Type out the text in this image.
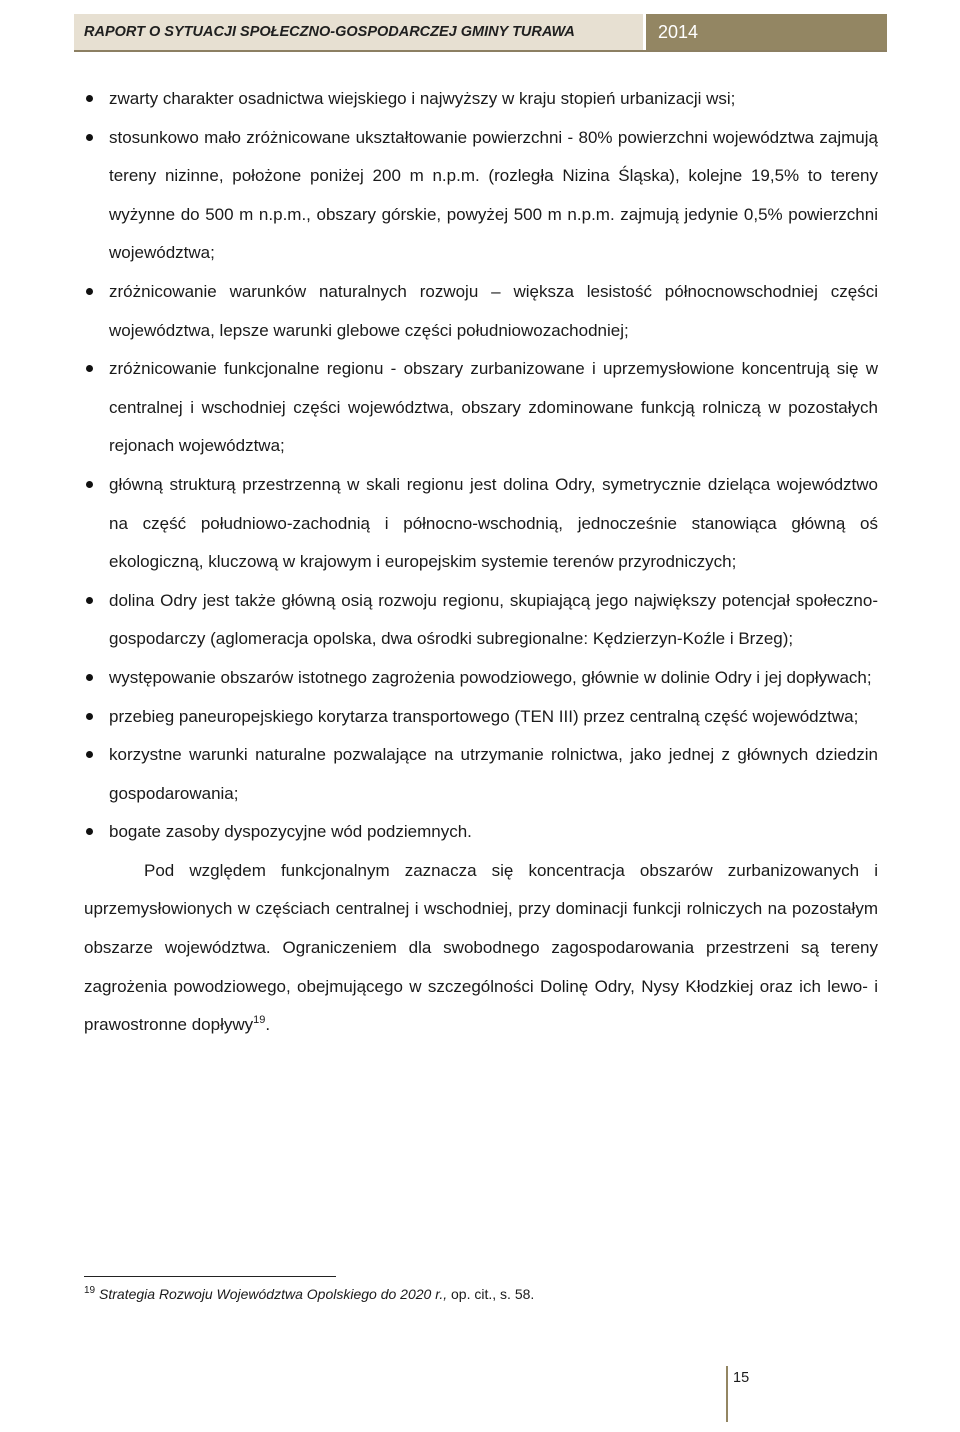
RAPORT O SYTUACJI SPOŁECZNO-GOSPODARCZEJ GMINY TURAWA	2014
zwarty charakter osadnictwa wiejskiego i najwyższy w kraju stopień urbanizacji wsi;
stosunkowo mało zróżnicowane ukształtowanie powierzchni - 80% powierzchni województwa zajmują tereny nizinne, położone poniżej 200 m n.p.m. (rozległa Nizina Śląska), kolejne 19,5% to tereny wyżynne do 500 m n.p.m., obszary górskie, powyżej 500 m n.p.m. zajmują jedynie 0,5% powierzchni województwa;
zróżnicowanie warunków naturalnych rozwoju – większa lesistość północnowschodniej części województwa, lepsze warunki glebowe części południowozachodniej;
zróżnicowanie funkcjonalne regionu - obszary zurbanizowane i uprzemysłowione koncentrują się w centralnej i wschodniej części województwa, obszary zdominowane funkcją rolniczą w pozostałych rejonach województwa;
główną strukturą przestrzenną w skali regionu jest dolina Odry, symetrycznie dzieląca województwo na część południowo-zachodnią i północno-wschodnią, jednocześnie stanowiąca główną oś ekologiczną, kluczową w krajowym i europejskim systemie terenów przyrodniczych;
dolina Odry jest także główną osią rozwoju regionu, skupiającą jego największy potencjał społeczno-gospodarczy (aglomeracja opolska, dwa ośrodki subregionalne: Kędzierzyn-Koźle i Brzeg);
występowanie obszarów istotnego zagrożenia powodziowego, głównie w dolinie Odry i jej dopływach;
przebieg paneuropejskiego korytarza transportowego (TEN III) przez centralną część województwa;
korzystne warunki naturalne pozwalające na utrzymanie rolnictwa, jako jednej z głównych dziedzin gospodarowania;
bogate zasoby dyspozycyjne wód podziemnych.

Pod względem funkcjonalnym zaznacza się koncentracja obszarów zurbanizowanych i uprzemysłowionych w częściach centralnej i wschodniej, przy dominacji funkcji rolniczych na pozostałym obszarze województwa. Ograniczeniem dla swobodnego zagospodarowania przestrzeni są tereny zagrożenia powodziowego, obejmującego w szczególności Dolinę Odry, Nysy Kłodzkiej oraz ich lewo- i prawostronne dopływy$^{19}$.

$^{19}$ Strategia Rozwoju Województwa Opolskiego do 2020 r., op. cit., s. 58.
15
